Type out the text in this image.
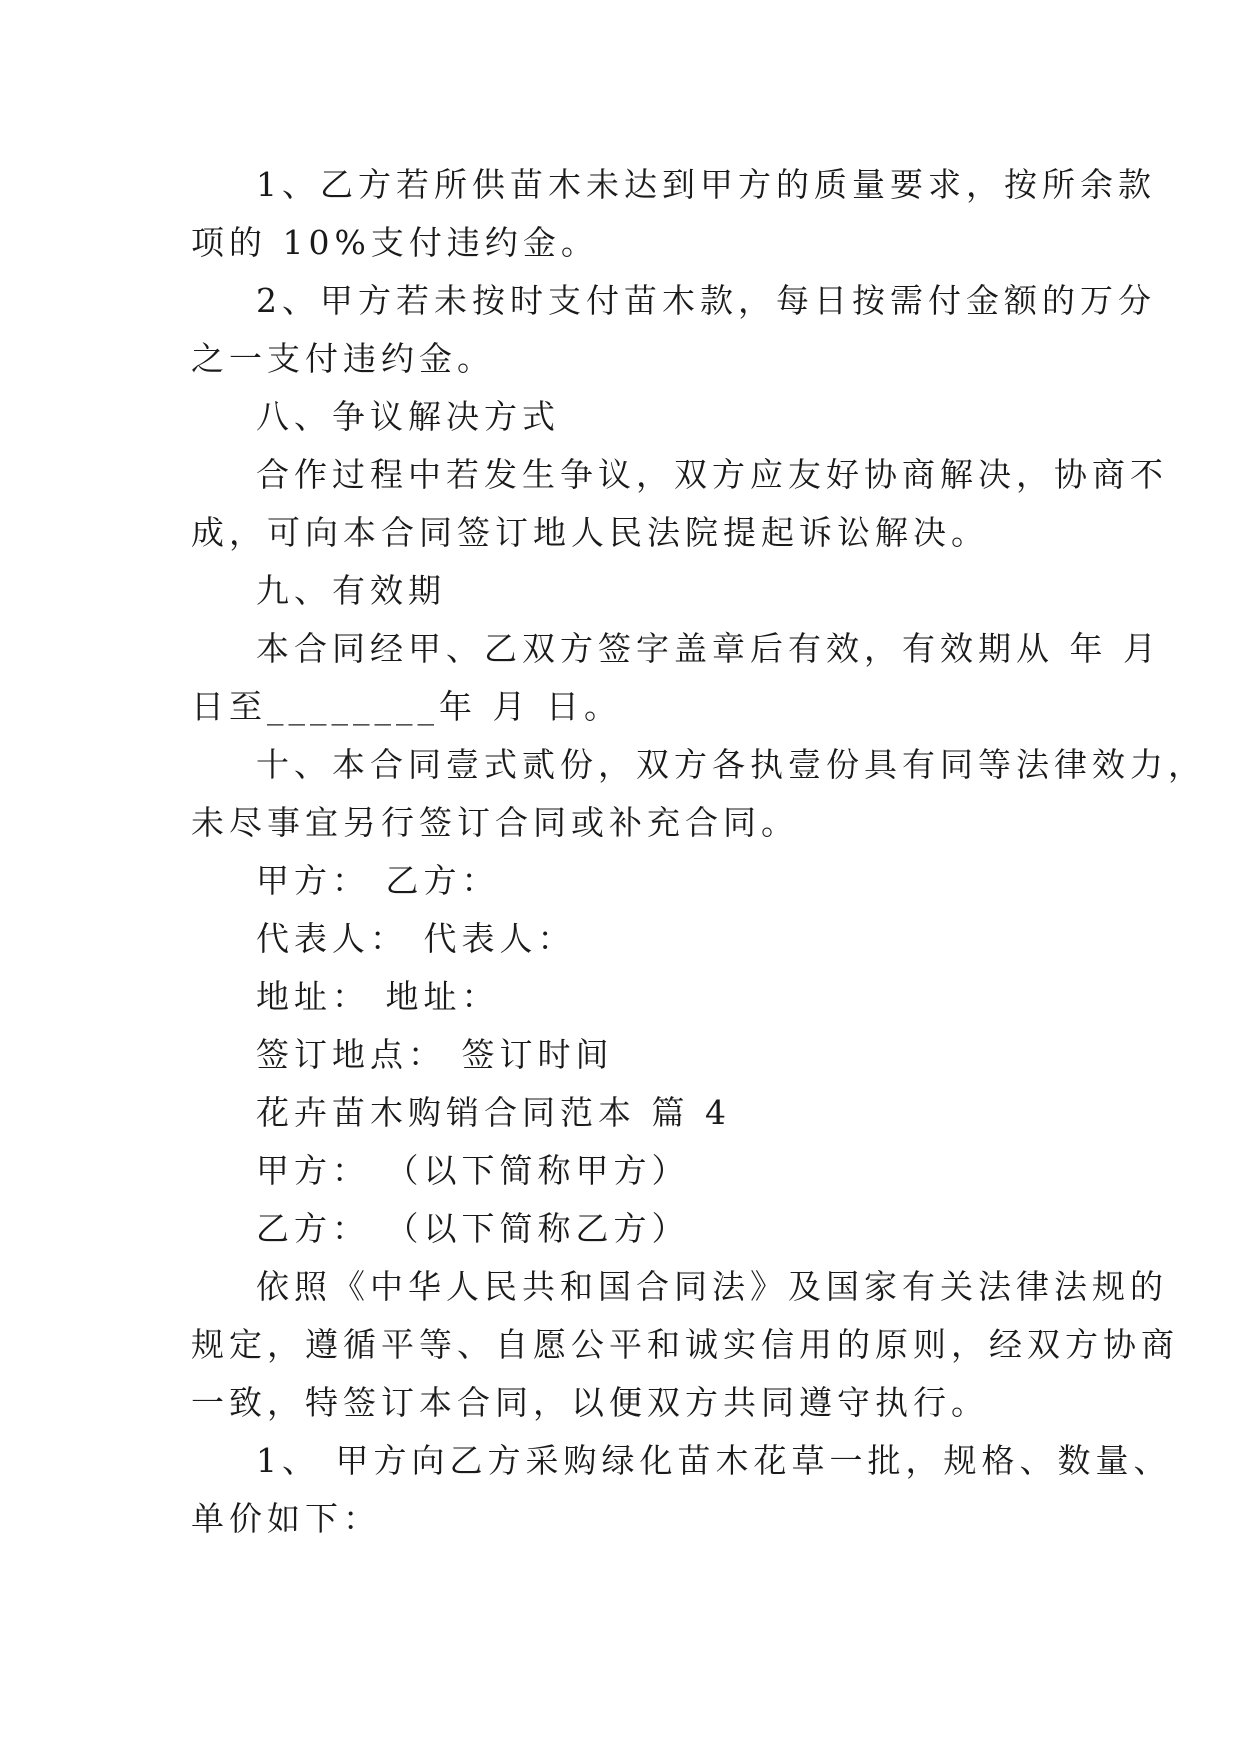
1、乙方若所供苗木未达到甲方的质量要求，按所余款
项的 10%支付违约金。
2、甲方若未按时支付苗木款，每日按需付金额的万分
之一支付违约金。
八、争议解决方式
合作过程中若发生争议，双方应友好协商解决，协商不
成，可向本合同签订地人民法院提起诉讼解决。
九、有效期
本合同经甲、乙双方签字盖章后有效，有效期从 年 月
日至________年 月 日。
十、本合同壹式贰份，双方各执壹份具有同等法律效力，
未尽事宜另行签订合同或补充合同。
甲方： 乙方：
代表人： 代表人：
地址： 地址：
签订地点： 签订时间
花卉苗木购销合同范本 篇 4
甲方： （以下简称甲方）
乙方： （以下简称乙方）
依照《中华人民共和国合同法》及国家有关法律法规的
规定，遵循平等、自愿公平和诚实信用的原则，经双方协商
一致，特签订本合同，以便双方共同遵守执行。
1、 甲方向乙方采购绿化苗木花草一批，规格、数量、
单价如下：
